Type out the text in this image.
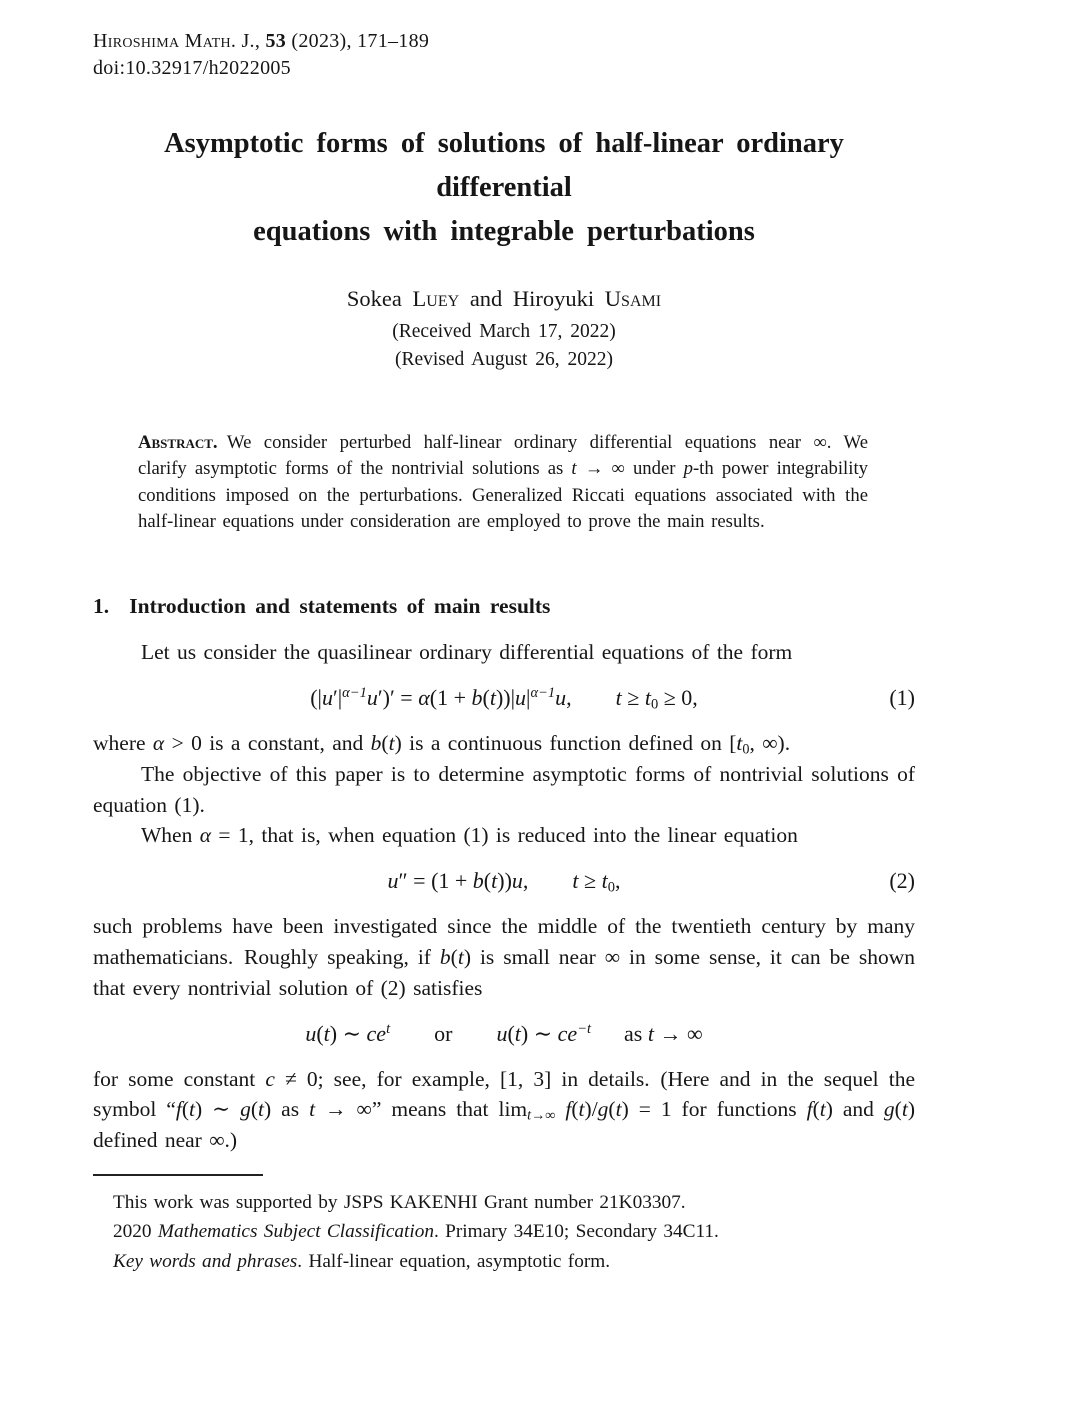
Hiroshima Math. J., 53 (2023), 171–189
doi:10.32917/h2022005
Asymptotic forms of solutions of half-linear ordinary differential
equations with integrable perturbations
Sokea Luey and Hiroyuki Usami
(Received March 17, 2022)
(Revised August 26, 2022)
Abstract. We consider perturbed half-linear ordinary differential equations near ∞. We clarify asymptotic forms of the nontrivial solutions as t → ∞ under p-th power integrability conditions imposed on the perturbations. Generalized Riccati equations associated with the half-linear equations under consideration are employed to prove the main results.
1.  Introduction and statements of main results

Let us consider the quasilinear ordinary differential equations of the form

$(|u'|^{\alpha-1}u')' = \alpha(1 + b(t))|u|^{\alpha-1}u$,  $t \ge t_0 \ge 0$,	(1)

where α > 0 is a constant, and b(t) is a continuous function defined on [$t_0$, ∞).

The objective of this paper is to determine asymptotic forms of nontrivial solutions of equation (1).

When α = 1, that is, when equation (1) is reduced into the linear equation

u″ = (1 + b(t))u,  $t \ge t_0$,	(2)

such problems have been investigated since the middle of the twentieth century by many mathematicians. Roughly speaking, if b(t) is small near ∞ in some sense, it can be shown that every nontrivial solution of (2) satisfies

u(t) ∼ $ce^t$  or  u(t) ∼ $ce^{-t}$  as t → ∞

for some constant c ≠ 0; see, for example, [1, 3] in details. (Here and in the sequel the symbol “f(t) ∼ g(t) as t → ∞” means that $\lim_{t\to\infty} f(t)/g(t) = 1$ for functions f(t) and g(t) defined near ∞.)

This work was supported by JSPS KAKENHI Grant number 21K03307.
2020 Mathematics Subject Classification. Primary 34E10; Secondary 34C11.
Key words and phrases. Half-linear equation, asymptotic form.
